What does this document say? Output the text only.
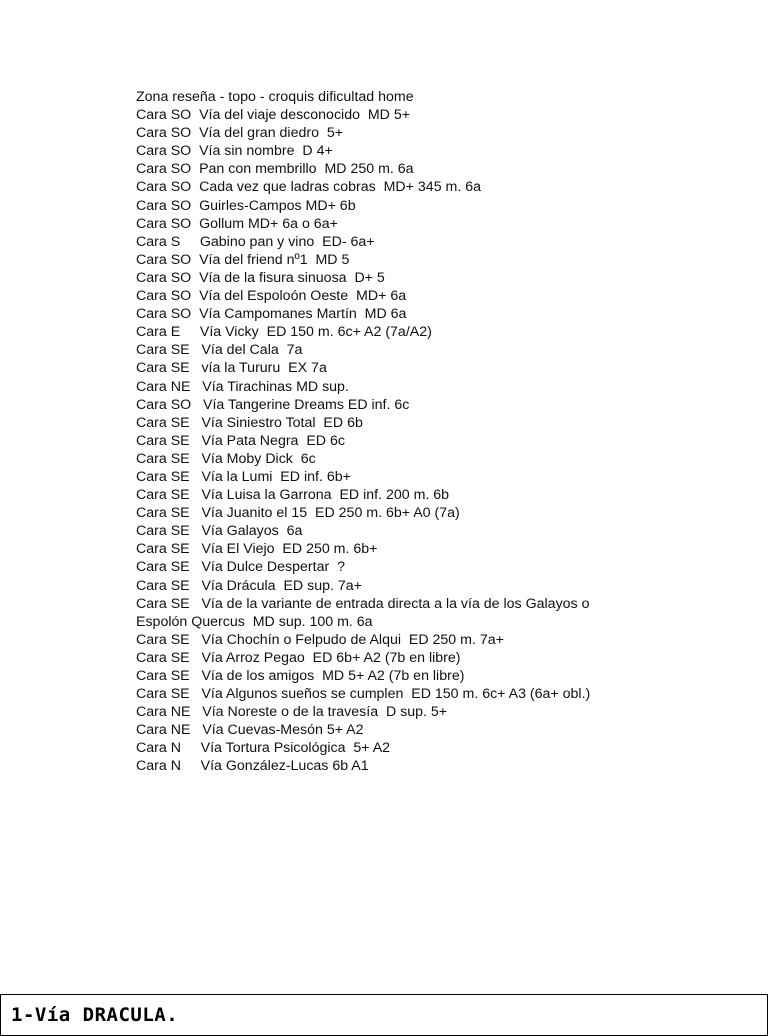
Zona reseña - topo - croquis dificultad home
Cara SO  Vía del viaje desconocido  MD 5+
Cara SO  Vía del gran diedro  5+
Cara SO  Vía sin nombre  D 4+
Cara SO  Pan con membrillo  MD 250 m. 6a
Cara SO  Cada vez que ladras cobras  MD+ 345 m. 6a
Cara SO  Guirles-Campos MD+ 6b
Cara SO  Gollum MD+ 6a o 6a+
Cara S     Gabino pan y vino  ED- 6a+
Cara SO  Vía del friend nº1  MD 5
Cara SO  Vía de la fisura sinuosa  D+ 5
Cara SO  Vía del Espoloón Oeste  MD+ 6a
Cara SO  Vía Campomanes Martín  MD 6a
Cara E     Vía Vicky  ED 150 m. 6c+ A2 (7a/A2)
Cara SE   Vía del Cala  7a
Cara SE   vía la Tururu  EX 7a
Cara NE   Vía Tirachinas MD sup.
Cara SO   Vía Tangerine Dreams ED inf. 6c
Cara SE   Vía Siniestro Total  ED 6b
Cara SE   Vía Pata Negra  ED 6c
Cara SE   Vía Moby Dick  6c
Cara SE   Vía la Lumi  ED inf. 6b+
Cara SE   Vía Luisa la Garrona  ED inf. 200 m. 6b
Cara SE   Vía Juanito el 15  ED 250 m. 6b+ A0 (7a)
Cara SE   Vía Galayos  6a
Cara SE   Vía El Viejo  ED 250 m. 6b+
Cara SE   Vía Dulce Despertar  ?
Cara SE   Vía Drácula  ED sup. 7a+
Cara SE   Vía de la variante de entrada directa a la vía de los Galayos o
Espolón Quercus  MD sup. 100 m. 6a
Cara SE   Vía Chochín o Felpudo de Alqui  ED 250 m. 7a+
Cara SE   Vía Arroz Pegao  ED 6b+ A2 (7b en libre)
Cara SE   Vía de los amigos  MD 5+ A2 (7b en libre)
Cara SE   Vía Algunos sueños se cumplen  ED 150 m. 6c+ A3 (6a+ obl.)
Cara NE   Vía Noreste o de la travesía  D sup. 5+
Cara NE   Vía Cuevas-Mesón 5+ A2
Cara N     Vía Tortura Psicológica  5+ A2
Cara N     Vía González-Lucas 6b A1
1-Vía DRACULA.
